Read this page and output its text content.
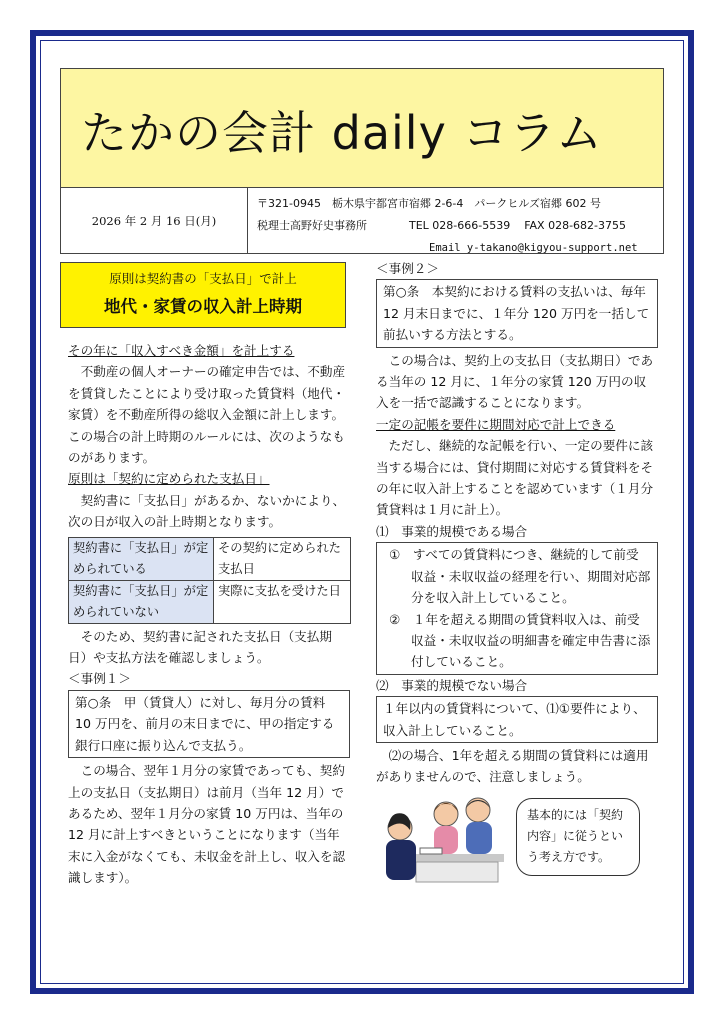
たかの会計 daily コラム
2026 年 2 月 16 日(月)
〒321-0945　栃木県宇都宮市宿郷 2-6-4　パークヒルズ宿郷 602 号
税理士高野好史事務所	TEL 028-666-5539 FAX 028-682-3755
Email y-takano@kigyou-support.net
原則は契約書の「支払日」で計上
地代・家賃の収入計上時期

その年に「収入すべき金額」を計上する

不動産の個人オーナーの確定申告では、不動産を賃貸したことにより受け取った賃貸料（地代・家賃）を不動産所得の総収入金額に計上します。この場合の計上時期のルールには、次のようなものがあります。

原則は「契約に定められた支払日」

契約書に「支払日」があるか、ないかにより、次の日が収入の計上時期となります。

契約書に「支払日」が定められている	その契約に定められた支払日
契約書に「支払日」が定められていない	実際に支払を受けた日

そのため、契約書に記された支払日（支払期日）や支払方法を確認しましょう。

＜事例１＞

第○条　甲（賃貸人）に対し、毎月分の賃料 10 万円を、前月の末日までに、甲の指定する銀行口座に振り込んで支払う。

この場合、翌年１月分の家賃であっても、契約上の支払日（支払期日）は前月（当年 12 月）であるため、翌年１月分の家賃 10 万円は、当年の 12 月に計上すべきということになります（当年末に入金がなくても、未収金を計上し、収入を認識します）。

＜事例２＞

第○条　本契約における賃料の支払いは、毎年 12 月末日までに、１年分 120 万円を一括して前払いする方法とする。

この場合は、契約上の支払日（支払期日）である当年の 12 月に、１年分の家賃 120 万円の収入を一括で認識することになります。

一定の記帳を要件に期間対応で計上できる

ただし、継続的な記帳を行い、一定の要件に該当する場合には、貸付期間に対応する賃貸料をその年に収入計上することを認めています（１月分賃貸料は１月に計上）。

⑴　事業的規模である場合

①　すべての賃貸料につき、継続的して前受収益・未収収益の経理を行い、期間対応部分を収入計上していること。

②　１年を超える期間の賃貸料収入は、前受収益・未収収益の明細書を確定申告書に添付していること。

⑵　事業的規模でない場合

１年以内の賃貸料について、⑴①要件により、収入計上していること。

⑵の場合、1年を超える期間の賃貸料には適用がありませんので、注意しましょう。

基本的には「契約内容」に従うという考え方です。
